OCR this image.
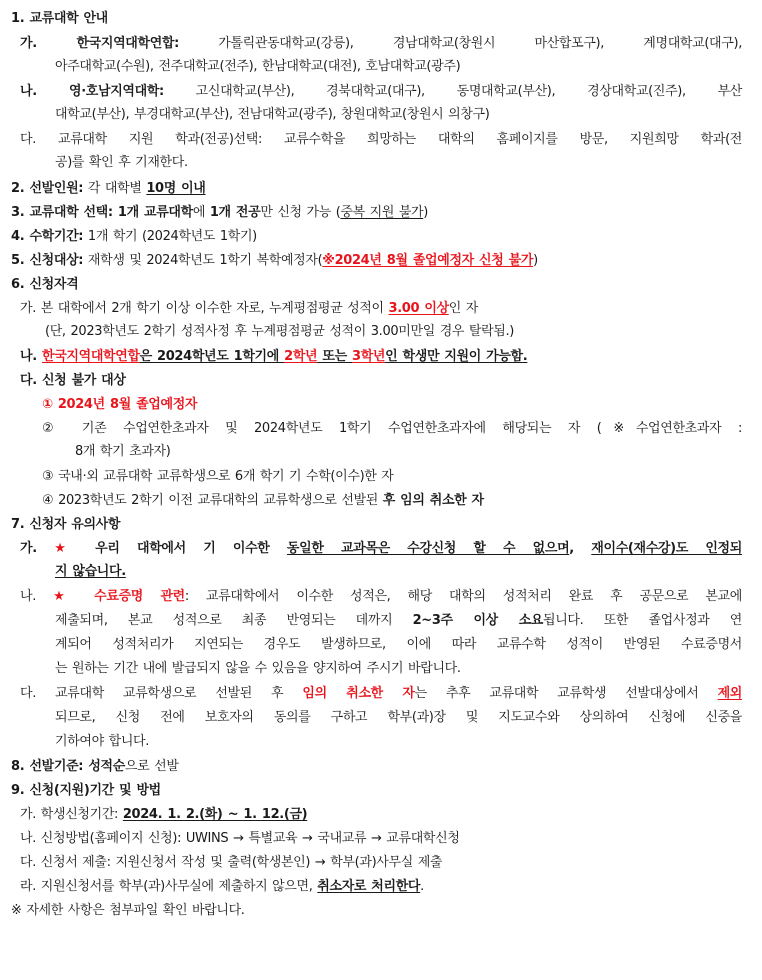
1. 교류대학 안내
가. 한국지역대학연합: 가톨릭관동대학교(강릉), 경남대학교(창원시 마산합포구), 계명대학교(대구),
아주대학교(수원), 전주대학교(전주), 한남대학교(대전), 호남대학교(광주)
나. 영·호남지역대학: 고신대학교(부산), 경북대학교(대구), 동명대학교(부산), 경상대학교(진주), 부산
대학교(부산), 부경대학교(부산), 전남대학교(광주), 창원대학교(창원시 의창구)
다. 교류대학 지원 학과(전공)선택: 교류수학을 희망하는 대학의 홈페이지를 방문, 지원희망 학과(전
공)를 확인 후 기재한다.
2. 선발인원: 각 대학별 10명 이내
3. 교류대학 선택: 1개 교류대학에 1개 전공만 신청 가능 (중복 지원 불가)
4. 수학기간: 1개 학기 (2024학년도 1학기)
5. 신청대상: 재학생 및 2024학년도 1학기 복학예정자(※2024년 8월 졸업예정자 신청 불가)
6. 신청자격
가. 본 대학에서 2개 학기 이상 이수한 자로, 누계평점평균 성적이 3.00 이상인 자
(단, 2023학년도 2학기 성적사정 후 누계평점평균 성적이 3.00미만일 경우 탈락됨.)
나. 한국지역대학연합은 2024학년도 1학기에 2학년 또는 3학년인 학생만 지원이 가능함.
다. 신청 불가 대상
① 2024년 8월 졸업예정자
② 기존 수업연한초과자 및 2024학년도 1학기 수업연한초과자에 해당되는 자 (※수업연한초과자 :
8개 학기 초과자)
③ 국내·외 교류대학 교류학생으로 6개 학기 기 수학(이수)한 자
④ 2023학년도 2학기 이전 교류대학의 교류학생으로 선발된 후 임의 취소한 자
7. 신청자 유의사항
가. ★ 우리 대학에서 기 이수한 동일한 교과목은 수강신청 할 수 없으며, 재이수(재수강)도 인정되
지 않습니다.
나. ★ 수료증명 관련: 교류대학에서 이수한 성적은, 해당 대학의 성적처리 완료 후 공문으로 본교에
제출되며, 본교 성적으로 최종 반영되는 데까지 2~3주 이상 소요됩니다. 또한 졸업사정과 연
계되어 성적처리가 지연되는 경우도 발생하므로, 이에 따라 교류수학 성적이 반영된 수료증명서
는 원하는 기간 내에 발급되지 않을 수 있음을 양지하여 주시기 바랍니다.
다. 교류대학 교류학생으로 선발된 후 임의 취소한 자는 추후 교류대학 교류학생 선발대상에서 제외
되므로, 신청 전에 보호자의 동의를 구하고 학부(과)장 및 지도교수와 상의하여 신청에 신중을
기하여야 합니다.
8. 선발기준: 성적순으로 선발
9. 신청(지원)기간 및 방법
가. 학생신청기간: 2024. 1. 2.(화) ~ 1. 12.(금)
나. 신청방법(홈페이지 신청): UWINS → 특별교육 → 국내교류 → 교류대학신청
다. 신청서 제출: 지원신청서 작성 및 출력(학생본인) → 학부(과)사무실 제출
라. 지원신청서를 학부(과)사무실에 제출하지 않으면, 취소자로 처리한다.
※ 자세한 사항은 첨부파일 확인 바랍니다.
